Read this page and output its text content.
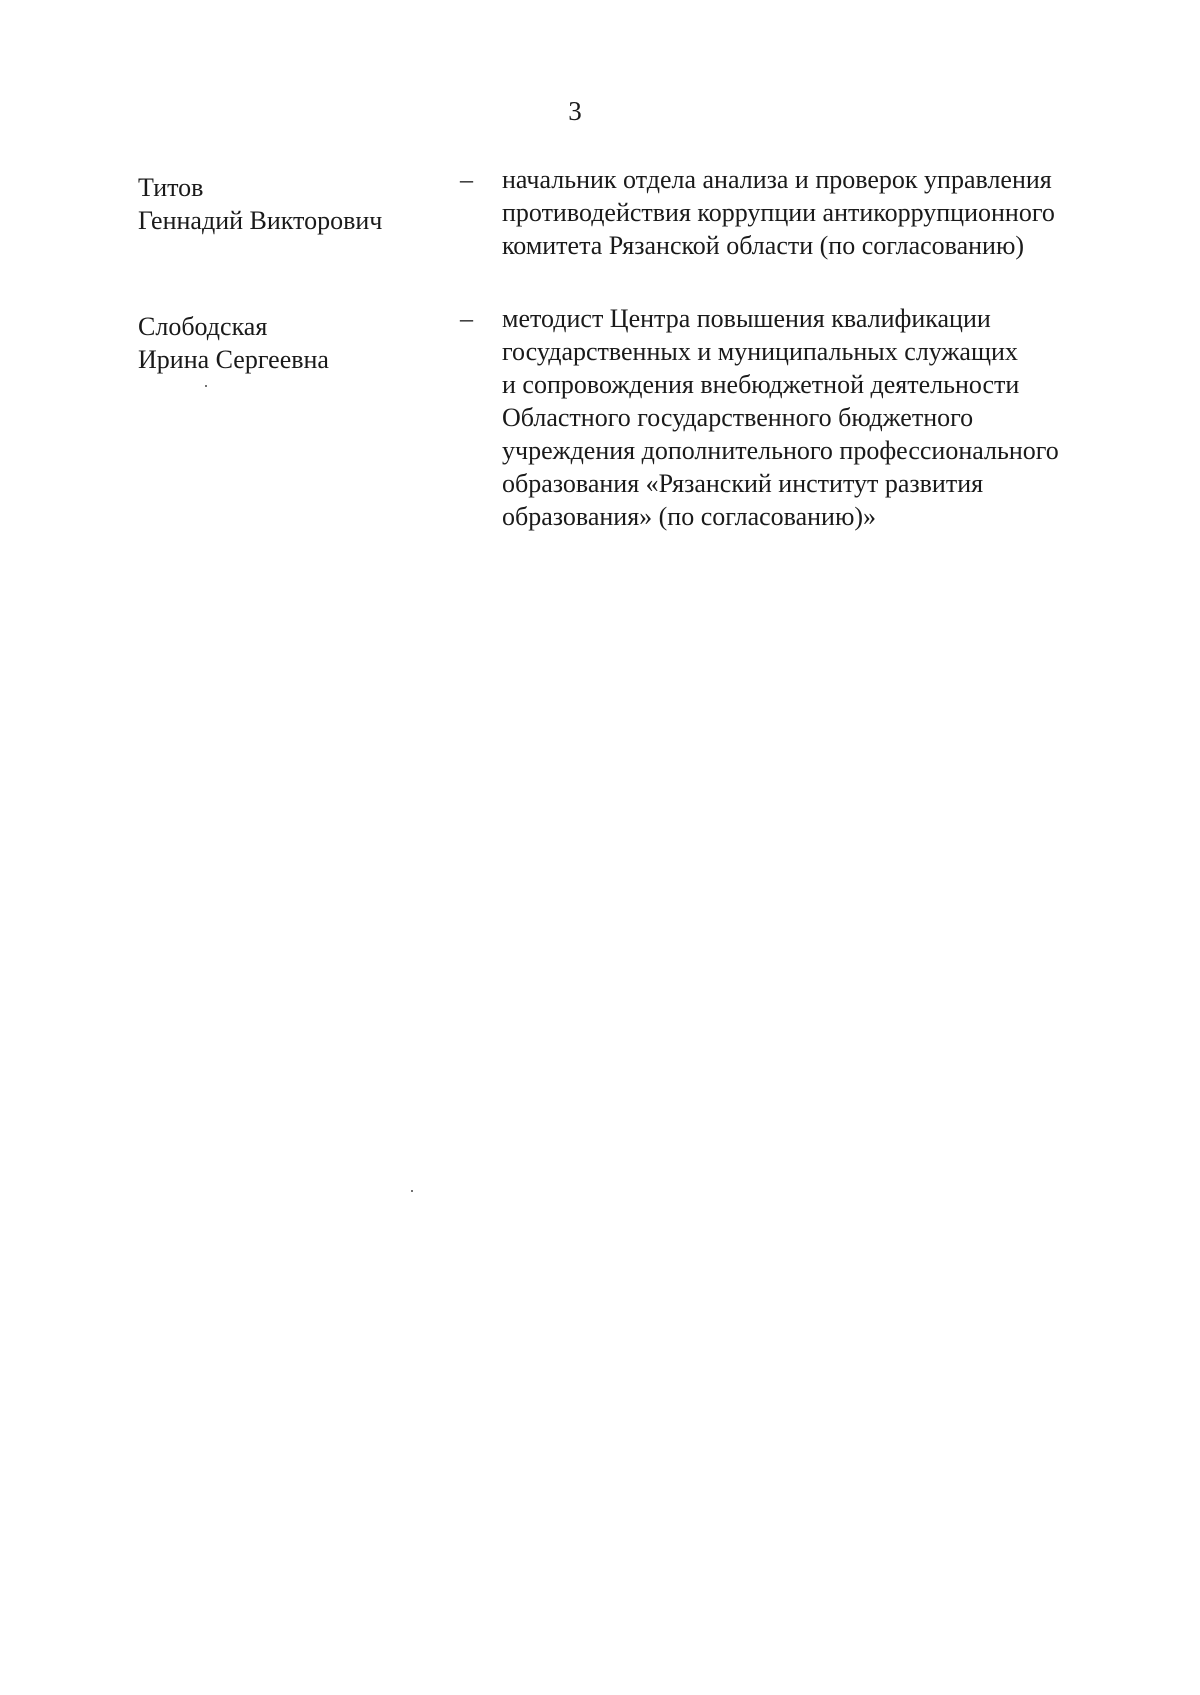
3
Титов
Геннадий Викторович
– начальник отдела анализа и проверок управления
противодействия коррупции антикоррупционного
комитета Рязанской области (по согласованию)
Слободская
Ирина Сергеевна
– методист Центра повышения квалификации
государственных и муниципальных служащих
и сопровождения внебюджетной деятельности
Областного государственного бюджетного
учреждения дополнительного профессионального
образования «Рязанский институт развития
образования» (по согласованию)»
